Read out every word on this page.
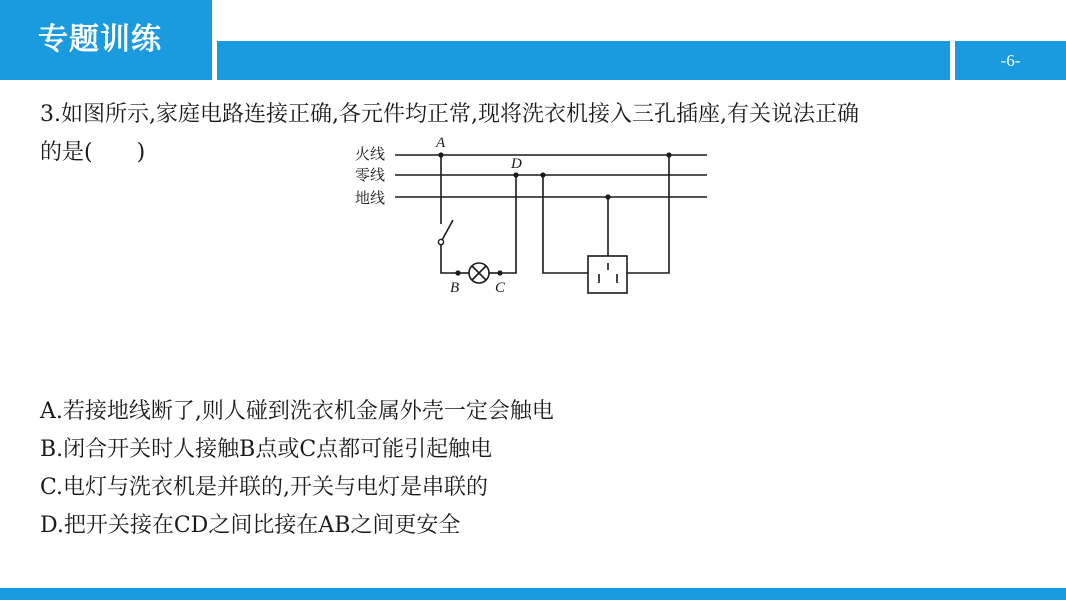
专题训练
-6-
3.如图所示,家庭电路连接正确,各元件均正常,现将洗衣机接入三孔插座,有关说法正确
的是(　　)	火线
零线
地线
A
D
B C
A.若接地线断了,则人碰到洗衣机金属外壳一定会触电
B.闭合开关时人接触B点或C点都可能引起触电
C.电灯与洗衣机是并联的,开关与电灯是串联的
D.把开关接在CD之间比接在AB之间更安全
